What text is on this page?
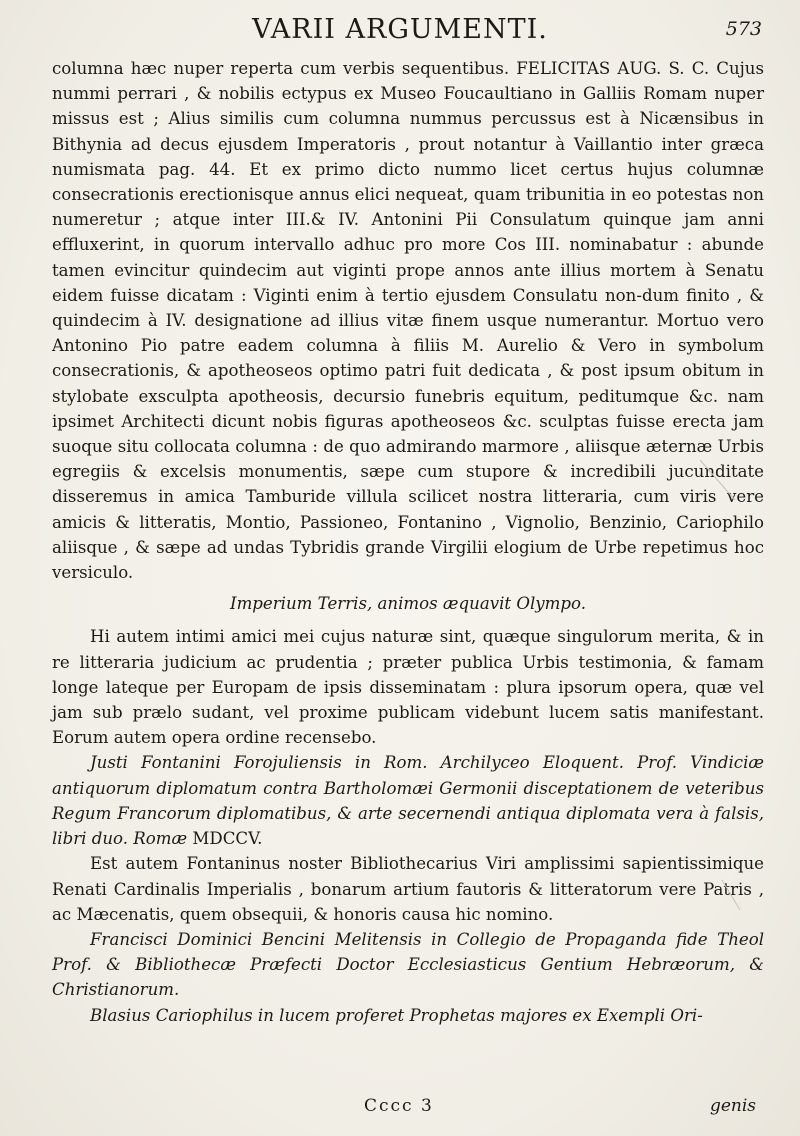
VARII ARGUMENTI.	573

columna hæc nuper reperta cum verbis sequentibus. FELICITAS AUG. S. C. Cujus nummi perrari , & nobilis ectypus ex Museo Foucaultiano in Galliis Romam nuper missus est ; Alius similis cum columna nummus percussus est à Nicænsibus in Bithynia ad decus ejusdem Imperatoris , prout notantur à Vaillantio inter græca numismata pag. 44. Et ex primo dicto nummo licet certus hujus columnæ consecrationis erectionisque annus elici nequeat, quam tribunitia in eo potestas non numeretur ; atque inter III.& IV. Antonini Pii Consulatum quinque jam anni effluxerint, in quorum intervallo adhuc pro more Cos III. nominabatur : abunde tamen evincitur quindecim aut viginti prope annos ante illius mortem à Senatu eidem fuisse dicatam : Viginti enim à tertio ejusdem Consulatu non-dum finito , & quindecim à IV. designatione ad illius vitæ finem usque numerantur. Mortuo vero Antonino Pio patre eadem columna à filiis M. Aurelio & Vero in symbolum consecrationis, & apotheoseos optimo patri fuit dedicata , & post ipsum obitum in stylobate exsculpta apotheosis, decursio funebris equitum, peditumque &c. nam ipsimet Architecti dicunt nobis figuras apotheoseos &c. sculptas fuisse erecta jam suoque situ collocata columna : de quo admirando marmore , aliisque æternæ Urbis egregiis & excelsis monumentis, sæpe cum stupore & incredibili jucunditate disseremus in amica Tamburide villula scilicet nostra litteraria, cum viris vere amicis & litteratis, Montio, Passioneo, Fontanino , Vignolio, Benzinio, Cariophilo aliisque , & sæpe ad undas Tybridis grande Virgilii elogium de Urbe repetimus hoc versiculo.

Imperium Terris, animos æquavit Olympo.

Hi autem intimi amici mei cujus naturæ sint, quæque singulorum merita, & in re litteraria judicium ac prudentia ; præter publica Urbis testimonia, & famam longe lateque per Europam de ipsis disseminatam : plura ipsorum opera, quæ vel jam sub prælo sudant, vel proxime publicam videbunt lucem satis manifestant. Eorum autem opera ordine recensebo.

Justi Fontanini Forojuliensis in Rom. Archilyceo Eloquent. Prof. Vindiciæ antiquorum diplomatum contra Bartholomæi Germonii disceptationem de veteribus Regum Francorum diplomatibus, & arte secernendi antiqua diplomata vera à falsis, libri duo. Romæ MDCCV.

Est autem Fontaninus noster Bibliothecarius Viri amplissimi sapientissimique Renati Cardinalis Imperialis , bonarum artium fautoris & litteratorum vere Patris , ac Mæcenatis, quem obsequii, & honoris causa hic nomino.

Francisci Dominici Bencini Melitensis in Collegio de Propaganda fide Theol Prof. & Bibliothecæ Præfecti Doctor Ecclesiasticus Gentium Hebræorum, & Christianorum.

Blasius Cariophilus in lucem proferet Prophetas majores ex Exempli Ori-

Cccc 3	genis
